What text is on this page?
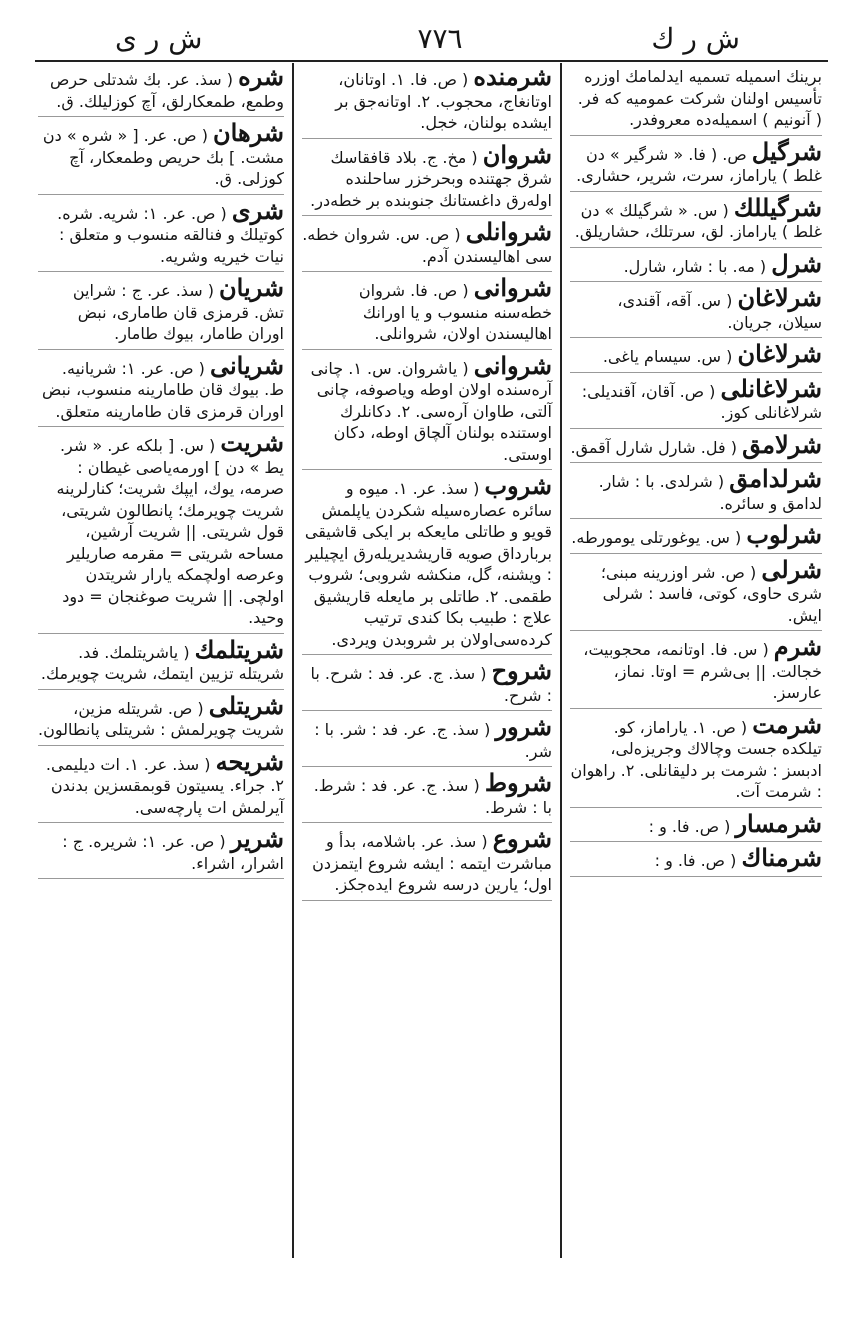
ش ر ك
٧٧٦
ش ر ی
برینك اسمیله تسمیه ایدلمامك اوزره تأسیس اولنان شرکت عمومیه که فر. ( آنونیم ) اسمیله‌ده معروفدر.
شرگیل ص. ( فا. « شرگیر » دن غلط ) یاراماز، سرت، شریر، حشاری.
شرگیللك ( س. « شرگیلك » دن غلط ) یاراماز. لق، سرتلك، حشاریلق.
شرل ( مه. با : شار، شارل.
شرلاغان ( س. آقه، آقندی، سیلان، جریان.
شرلاغان ( س. سیسام یاغی.
شرلاغانلی ( ص. آقان، آقندیلی: شرلاغانلی کوز.
شرلامق ( فل. شارل شارل آقمق.
شرلدامق ( شرلدی. با : شار. لدامق و سائره.
شرلوب ( س. یوغورتلی یومورطه.
شرلی ( ص. شر اوزرینه مبنی؛ شری حاوی، کوتی، فاسد : شرلی ایش.
شرم ( س. فا. اوتانمه، محجوبیت، خجالت. || بی‌شرم = اوتا. نماز، عارسز.
شرمت ( ص. ۱. یاراماز، کو. تیلکده جست وچالاك وجریزه‌لی، ادبسز : شرمت بر دلیقانلی. ۲. راهوان : شرمت آت.
شرمسار ( ص. فا. و :
شرمناك ( ص. فا. و :
شرمنده ( ص. فا. ۱. اوتانان، اوتانغاج، محجوب. ۲. اوتانه‌جق بر ایشده بولنان، خجل.
شروان ( مخ. ج. بلاد قافقاسك شرق جهتنده وبحرخزر ساحلنده اوله‌رق داغستانك جنوبنده بر خطه‌در.
شروانلی ( ص. س. شروان خطه. سی اهالیسندن آدم.
شروانی ( ص. فا. شروان خطه‌سنه منسوب و یا اورانك اهالیسندن اولان، شروانلی.
شروانی ( یاشروان. س. ۱. چانی آره‌سنده اولان اوطه ویاصوفه، چانی آلتی، طاوان آره‌سی. ۲. دکانلرك اوستنده بولنان آلچاق اوطه، دکان اوستی.
شروب ( سذ. عر. ۱. میوه و سائره عصاره‌سیله شکردن یاپلمش قویو و طاتلی مایعکه بر ایکی قاشیقی بربارداق صویه قاریشدیریله‌رق ایچیلیر : ویشنه، گل، منکشه شروبی؛ شروب طقمی. ۲. طاتلی بر مایعله قاریشیق علاج : طبیب بکا کندی ترتیب کرده‌سی‌اولان بر شروبدن ویردی.
شروح ( سذ. ج. عر. فد : شرح. با : شرح.
شرور ( سذ. ج. عر. فد : شر. با : شر.
شروط ( سذ. ج. عر. فد : شرط. با : شرط.
شروع ( سذ. عر. باشلامه، بدأ و مباشرت ایتمه : ایشه شروع ایتمزدن اول؛ یارین درسه شروع ایده‌جکز.
شره ( سذ. عر. بك شدتلی حرص وطمع، طمعکارلق، آچ کوزلیلك. ق.
شرهان ( ص. عر. [ « شره » دن مشت. ] بك حریص وطمعکار، آچ کوزلی. ق.
شری ( ص. عر. ۱: شریه. شره. کوتیلك و فنالقه منسوب و متعلق : نیات خیریه وشریه.
شریان ( سذ. عر. ج : شراین تش. قرمزی قان طاماری، نبض اوران طامار، بیوك طامار.
شریانی ( ص. عر. ۱: شریانیه. ط. بیوك قان طامارینه منسوب، نبض اوران قرمزی قان طامارینه متعلق.
شریت ( س. [ بلکه عر. « شر. یط » دن ] اورمه‌یاصی غیطان : صرمه، یوك، ایپك شریت؛ کنارلرینه شریت چویرمك؛ پانطالون شریتی، قول شریتی. || شریت آرشین، مساحه شریتی = مقرمه صاریلیر وعرصه اولچمکه یارار شریتدن اولچی. || شریت صوغنجان = دود وحید.
شریتلمك ( یاشریتلمك. فد. شریتله تزیین ایتمك، شریت چویرمك.
شریتلی ( ص. شریتله مزین، شریت چویرلمش : شریتلی پانطالون.
شریحه ( سذ. عر. ۱. ات دیلیمی. ۲. جراء. یسیتون قوبمقسزین بدندن آیرلمش ات پارچه‌سی.
شریر ( ص. عر. ۱: شریره. ج : اشرار، اشراء.
